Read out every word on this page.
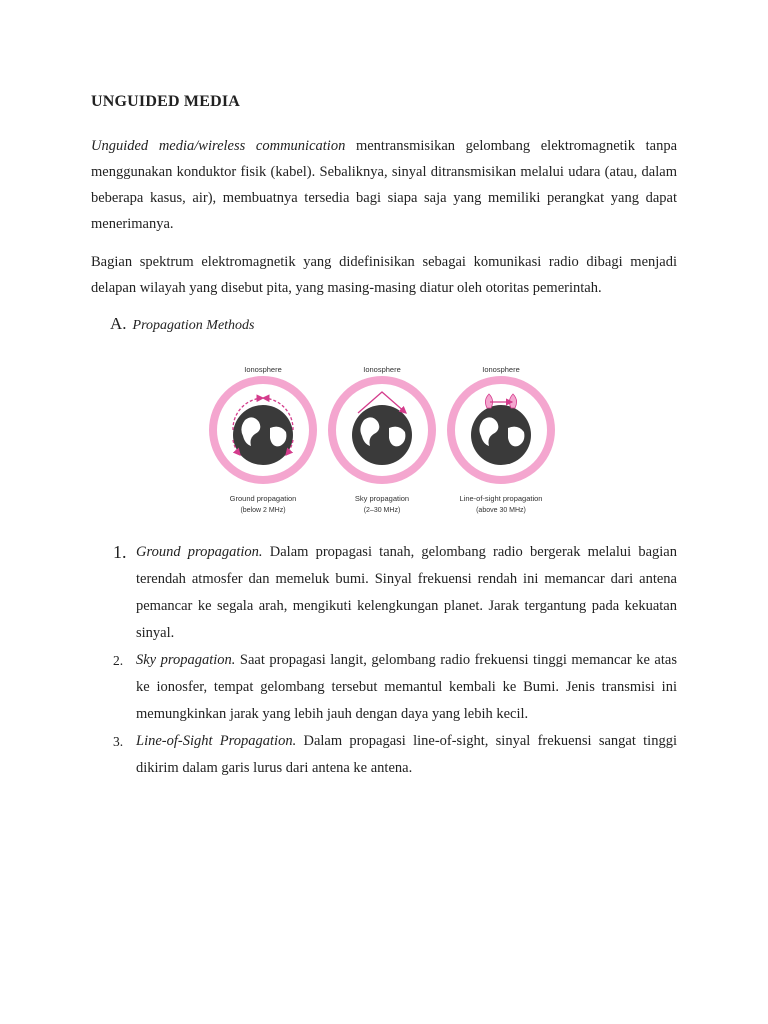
UNGUIDED MEDIA

Unguided media/wireless communication mentransmisikan gelombang elektromagnetik tanpa menggunakan konduktor fisik (kabel). Sebaliknya, sinyal ditransmisikan melalui udara (atau, dalam beberapa kasus, air), membuatnya tersedia bagi siapa saja yang memiliki perangkat yang dapat menerimanya.

Bagian spektrum elektromagnetik yang didefinisikan sebagai komunikasi radio dibagi menjadi delapan wilayah yang disebut pita, yang masing-masing diatur oleh otoritas pemerintah.

A. Propagation Methods
Ionosphere
Ground propagation
(below 2 MHz)
Ionosphere
Sky propagation
(2–30 MHz)
Ionosphere
Line-of-sight propagation
(above 30 MHz)
1. Ground propagation. Dalam propagasi tanah, gelombang radio bergerak melalui bagian terendah atmosfer dan memeluk bumi. Sinyal frekuensi rendah ini memancar dari antena pemancar ke segala arah, mengikuti kelengkungan planet. Jarak tergantung pada kekuatan sinyal.
2. Sky propagation. Saat propagasi langit, gelombang radio frekuensi tinggi memancar ke atas ke ionosfer, tempat gelombang tersebut memantul kembali ke Bumi. Jenis transmisi ini memungkinkan jarak yang lebih jauh dengan daya yang lebih kecil.
3. Line-of-Sight Propagation. Dalam propagasi line-of-sight, sinyal frekuensi sangat tinggi dikirim dalam garis lurus dari antena ke antena.
